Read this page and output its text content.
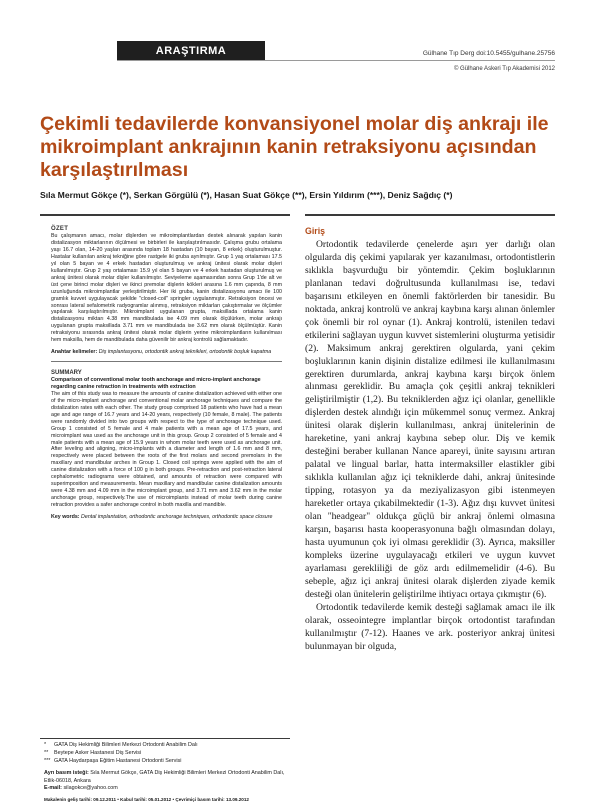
ARAŞTIRMA	Gülhane Tıp Derg doi:10.5455/gulhane.25756
© Gülhane Askeri Tıp Akademisi 2012
Çekimli tedavilerde konvansiyonel molar diş ankrajı ile mikroimplant ankrajının kanin retraksiyonu açısından karşılaştırılması
Sıla Mermut Gökçe (*), Serkan Görgülü (*), Hasan Suat Gökçe (**), Ersin Yıldırım (***), Deniz Sağdıç (*)
ÖZET

Bu çalışmanın amacı, molar dişlerden ve mikroimplantlardan destek alınarak yapılan kanin distalizasyon miktarlarının ölçülmesi ve birbirleri ile karşılaştırılmasıdır. Çalışma grubu ortalama yaşı 16.7 olan, 14-20 yaşları arasında toplam 18 hastadan (10 bayan, 8 erkek) oluşturulmuştur. Hastalar kullanılan ankraj tekniğine göre rastgele iki gruba ayrılmıştır. Grup 1 yaş ortalaması 17.5 yıl olan 5 bayan ve 4 erkek hastadan oluşturulmuş ve ankraj ünitesi olarak molar dişleri kullanılmıştır. Grup 2 yaş ortalaması 15.9 yıl olan 5 bayan ve 4 erkek hastadan oluşturulmuş ve ankraj ünitesi olarak molar dişler kullanılmıştır. Seviyeleme aşamasından sonra Grup 1'de alt ve üst çene birinci molar dişleri ve ikinci premolar dişlerin kökleri arasına 1.6 mm çapında, 8 mm uzunluğunda mikroimplantlar yerleştirilmiştir. Her iki gruba, kanin distalizasyonu amacı ile 100 gramlık kuvvet uygulayacak şekilde "closed-coil" springler uygulanmıştır. Retraksiyon öncesi ve sonrası lateral sefalometrik radyogramlar alınmış, retraksiyon miktarları çakıştırmalar ve ölçümler yapılarak karşılaştırılmıştır. Mikroimplant uygulanan grupta, maksillada ortalama kanin distalizasyonu miktarı 4.38 mm mandibulada ise 4.09 mm olarak ölçülürken, molar ankrajı uygulanan grupta maksillada 3.71 mm ve mandibulada ise 3.62 mm olarak ölçülmüştür. Kanin retraksiyonu sırasında ankraj ünitesi olarak molar dişlerin yerine mikroimplantların kullanılması hem maksilla, hem de mandibulada daha güvenilir bir ankraj kontrolü sağlamaktadır.

Anahtar kelimeler: Diş implantasyonu, ortodontik ankraj teknikleri, ortodontik boşluk kapatma

SUMMARY
Comparison of conventional molar tooth anchorage and micro-implant anchorage regarding canine retraction in treatments with extraction

The aim of this study was to measure the amounts of canine distalization achieved with either one of the micro-implant anchorage and conventional molar anchorage techniques and compare the distalization rates with each other. The study group comprised 18 patients who have had a mean age and age range of 16.7 years and 14-20 years, respectively (10 female, 8 male). The patients were randomly divided into two groups with respect to the type of anchorage technique used. Group 1 consisted of 5 female and 4 male patients with a mean age of 17.5 years, and microimplant was used as the anchorage unit in this group. Group 2 consisted of 5 female and 4 male patients with a mean age of 15.9 years in whom molar teeth were used as anchorage unit. After leveling and aligning, micro-implants with a diameter and length of 1.6 mm and 8 mm, respectively were placed between the roots of the first molars and second premolars in the maxillary and mandibular arches in Group 1. Closed coil springs were applied with the aim of canine distalization with a force of 100 g in both groups. Pre-retraction and post-retraction lateral cephalometric radiograms were obtained, and amounts of retraction were compared with superimposition and measurements. Mean maxillary and mandibular canine distalization amounts were 4.38 mm and 4.09 mm in the microimplant group, and 3.71 mm and 3.62 mm in the molar anchorage group, respectively.The use of microimplants instead of molar teeth during canine retraction provides a safer anchorage control in both maxilla and mandible.

Key words: Dental implantation, orthodontic anchorage techniques, orthodontic space closure

*	GATA Diş Hekimliği Bilimleri Merkezi Ortodonti Anabilim Dalı
**	Beytepe Asker Hastanesi Diş Servisi
*** GATA Haydarpaşa Eğitim Hastanesi Ortodonti Servisi
Ayrı basım isteği: Sıla Mermut Gökçe, GATA Diş Hekimliği Bilimleri Merkezi Ortodonti Anabilim Dalı, Etlik-06018, Ankara
E-mail: silagokce@yahoo.com
Makalenin geliş tarihi: 09.12.2011 • Kabul tarihi: 05.01.2012 • Çevrimiçi basım tarihi: 13.09.2012
Giriş

Ortodontik tedavilerde çenelerde aşırı yer darlığı olan olgularda diş çekimi yapılarak yer kazanılması, ortodontistlerin sıklıkla başvurduğu bir yöntemdir. Çekim boşluklarının planlanan tedavi doğrultusunda kullanılması ise, tedavi başarısını etkileyen en önemli faktörlerden bir tanesidir. Bu noktada, ankraj kontrolü ve ankraj kaybına karşı alınan önlemler çok önemli bir rol oynar (1). Ankraj kontrolü, istenilen tedavi etkilerini sağlayan uygun kuvvet sistemlerini oluşturma yetisidir (2). Maksimum ankraj gerektiren olgularda, yani çekim boşluklarının kanin dişinin distalize edilmesi ile kullanılmasını gerektiren durumlarda, ankraj kaybına karşı birçok önlem alınması gereklidir. Bu amaçla çok çeşitli ankraj teknikleri geliştirilmiştir (1,2). Bu tekniklerden ağız içi olanlar, genellikle dişlerden destek alındığı için mükemmel sonuç vermez. Ankraj ünitesi olarak dişlerin kullanılması, ankraj ünitelerinin de hareketine, yani ankraj kaybına sebep olur. Diş ve kemik desteğini beraber kullanan Nance apareyi, ünite sayısını artıran palatal ve lingual barlar, hatta intermaksiller elastikler gibi sıklıkla kullanılan ağız içi tekniklerde dahi, ankraj ünitesinde tipping, rotasyon ya da meziyalizasyon gibi istenmeyen hareketler ortaya çıkabilmektedir (1-3). Ağız dışı kuvvet ünitesi olan "headgear" oldukça güçlü bir ankraj önlemi olmasına karşın, başarısı hasta kooperasyonuna bağlı olmasından dolayı, hasta uyumunun çok iyi olması gereklidir (3). Ayrıca, maksiller kompleks üzerine uygulayacağı etkileri ve uygun kuvvet ayarlaması gerekliliği de göz ardı edilmemelidir (4-6). Bu sebeple, ağız içi ankraj ünitesi olarak dişlerden ziyade kemik desteği olan ünitelerin geliştirilme ihtiyacı ortaya çıkmıştır (6).

Ortodontik tedavilerde kemik desteği sağlamak amacı ile ilk olarak, osseointegre implantlar birçok ortodontist tarafından kullanılmıştır (7-12). Haanes ve ark. posteriyor ankraj ünitesi bulunmayan bir olguda,
